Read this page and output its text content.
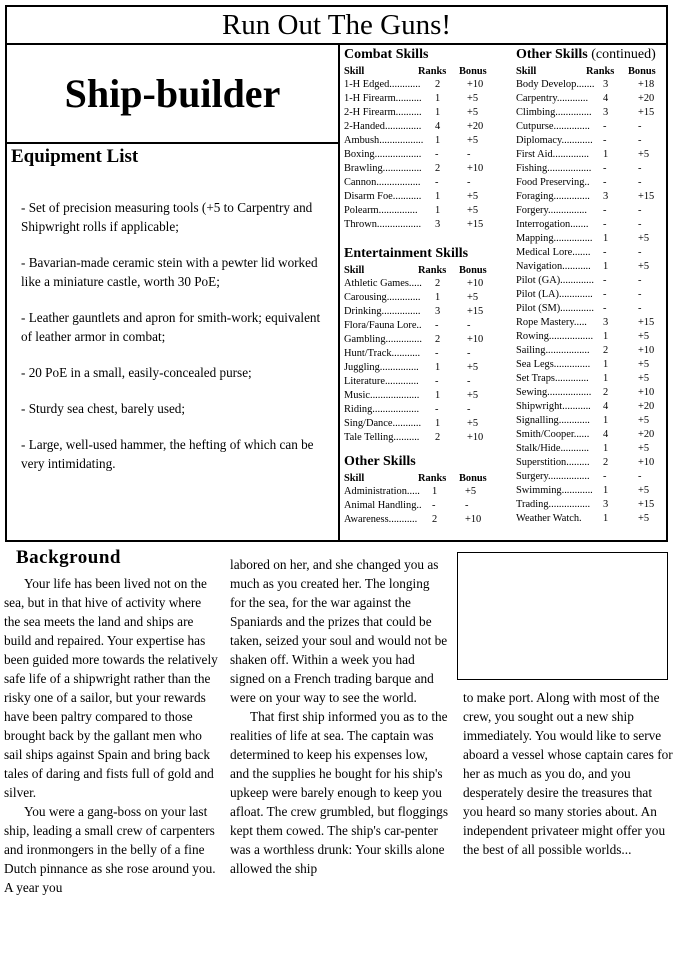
Run Out The Guns!
Ship-builder
Equipment List
- Set of precision measuring tools (+5 to Carpentry and Shipwright rolls if applicable;
- Bavarian-made ceramic stein with a pewter lid worked like a miniature castle, worth 30 PoE;
- Leather gauntlets and apron for smith-work; equivalent of leather armor in combat;
- 20 PoE in a small, easily-concealed purse;
- Sturdy sea chest, barely used;
- Large, well-used hammer, the hefting of which can be very intimidating.
Combat Skills
Skill	Ranks Bonus
1-H Edged............ 2	+10
1-H Firearm.......... 1	+5
2-H Firearm.......... 1	+5
2-Handed.............. 4	+20
Ambush................. 1	+5
Boxing.................. -	-
Brawling............... 2	+10
Cannon................. -	-
Disarm Foe........... 1	+5
Polearm............... 1	+5
Thrown................. 3	+15
Entertainment Skills
Skill	Ranks Bonus
Athletic Games..... 2	+10
Carousing............. 1	+5
Drinking............... 3	+15
Flora/Fauna Lore.. -	-
Gambling.............. 2	+10
Hunt/Track........... -	-
Juggling............... 1	+5
Literature............. -	-
Music................... 1	+5
Riding.................. -	-
Sing/Dance........... 1	+5
Tale Telling.......... 2	+10
Other Skills
Skill	Ranks Bonus
Administration..... 1	+5
Animal Handling.. -	-
Awareness........... 2	+10
Other Skills (continued)
Skill	Ranks Bonus
Body Develop....... 3	+18
Carpentry............ 4	+20
Climbing.............. 3	+15
Cutpurse.............. -	-
Diplomacy............ -	-
First Aid.............. 1	+5
Fishing................. -	-
Food Preserving.. -	-
Foraging.............. 3	+15
Forgery............... -	-
Interrogation....... -	-
Mapping............... 1	+5
Medical Lore....... -	-
Navigation........... 1	+5
Pilot (GA)............. -	-
Pilot (LA)............. -	-
Pilot (SM)............. -	-
Rope Mastery..... 3	+15
Rowing................. 1	+5
Sailing................. 2	+10
Sea Legs.............. 1	+5
Set Traps............. 1	+5
Sewing................. 2	+10
Shipwright........... 4	+20
Signalling............ 1	+5
Smith/Cooper...... 4	+20
Stalk/Hide........... 1	+5
Superstition......... 2	+10
Surgery................ -	-
Swimming............ 1	+5
Trading................ 3	+15
Weather Watch. 1	+5
Background

Your life has been lived not on the sea, but in that hive of activity where the sea meets the land and ships are build and repaired. Your expertise has been guided more towards the relatively safe life of a shipwright rather than the risky one of a sailor, but your rewards have been paltry compared to those brought back by the gallant men who sail ships against Spain and bring back tales of daring and fists full of gold and silver.

You were a gang-boss on your last ship, leading a small crew of carpenters and ironmongers in the belly of a fine Dutch pinnance as she rose around you. A year you

labored on her, and she changed you as much as you created her. The longing for the sea, for the war against the Spaniards and the prizes that could be taken, seized your soul and would not be shaken off. Within a week you had signed on a French trading barque and were on your way to see the world.

That first ship informed you as to the realities of life at sea. The captain was determined to keep his expenses low, and the supplies he bought for his ship's upkeep were barely enough to keep you afloat. The crew grumbled, but floggings kept them cowed. The ship's car-penter was a worthless drunk: Your skills alone allowed the ship

to make port. Along with most of the crew, you sought out a new ship immediately. You would like to serve aboard a vessel whose captain cares for her as much as you do, and you desperately desire the treasures that you heard so many stories about. An independent privateer might offer you the best of all possible worlds...
